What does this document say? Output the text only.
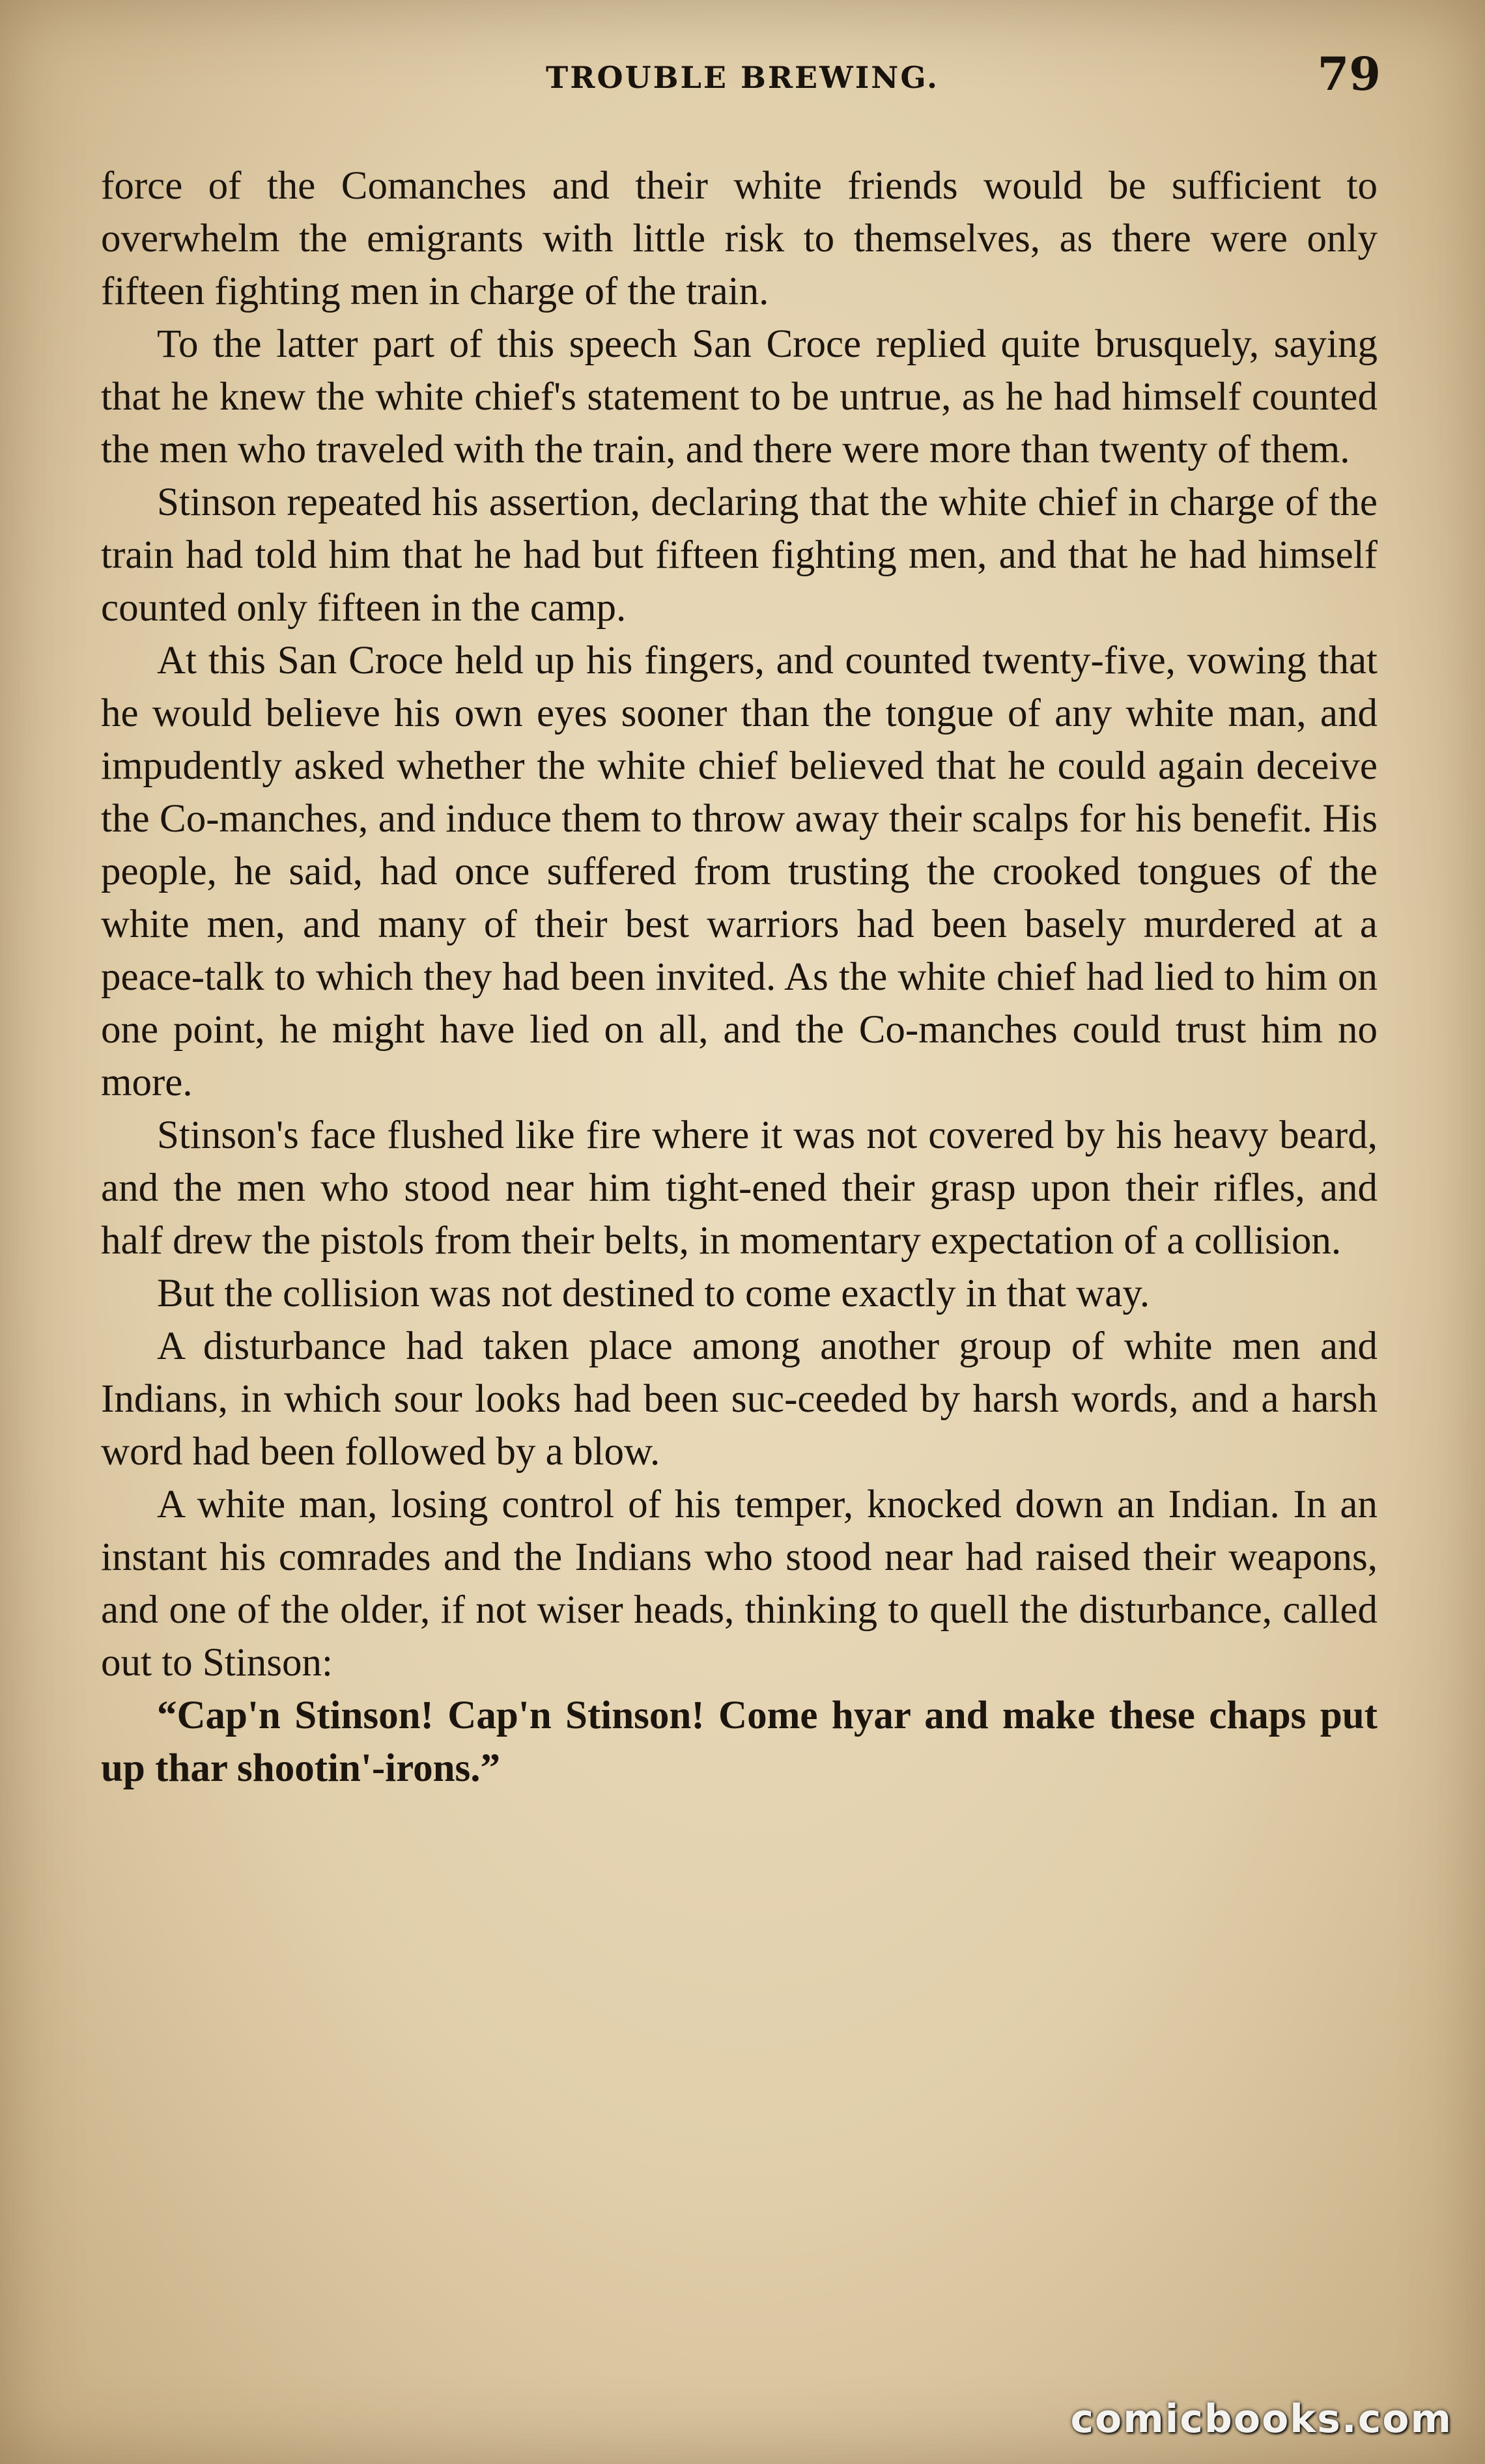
TROUBLE BREWING.	79

force of the Comanches and their white friends would be sufficient to overwhelm the emigrants with little risk to themselves, as there were only fifteen fighting men in charge of the train.

To the latter part of this speech San Croce replied quite brusquely, saying that he knew the white chief's statement to be untrue, as he had himself counted the men who traveled with the train, and there were more than twenty of them.

Stinson repeated his assertion, declaring that the white chief in charge of the train had told him that he had but fifteen fighting men, and that he had himself counted only fifteen in the camp.

At this San Croce held up his fingers, and counted twenty-five, vowing that he would believe his own eyes sooner than the tongue of any white man, and impudently asked whether the white chief believed that he could again deceive the Co-manches, and induce them to throw away their scalps for his benefit. His people, he said, had once suffered from trusting the crooked tongues of the white men, and many of their best warriors had been basely murdered at a peace-talk to which they had been invited. As the white chief had lied to him on one point, he might have lied on all, and the Co-manches could trust him no more.

Stinson's face flushed like fire where it was not covered by his heavy beard, and the men who stood near him tight-ened their grasp upon their rifles, and half drew the pistols from their belts, in momentary expectation of a collision.

But the collision was not destined to come exactly in that way.

A disturbance had taken place among another group of white men and Indians, in which sour looks had been suc-ceeded by harsh words, and a harsh word had been followed by a blow.

A white man, losing control of his temper, knocked down an Indian. In an instant his comrades and the Indians who stood near had raised their weapons, and one of the older, if not wiser heads, thinking to quell the disturbance, called out to Stinson:

“Cap'n Stinson! Cap'n Stinson! Come hyar and make these chaps put up thar shootin'-irons.”

comicbooks.com
